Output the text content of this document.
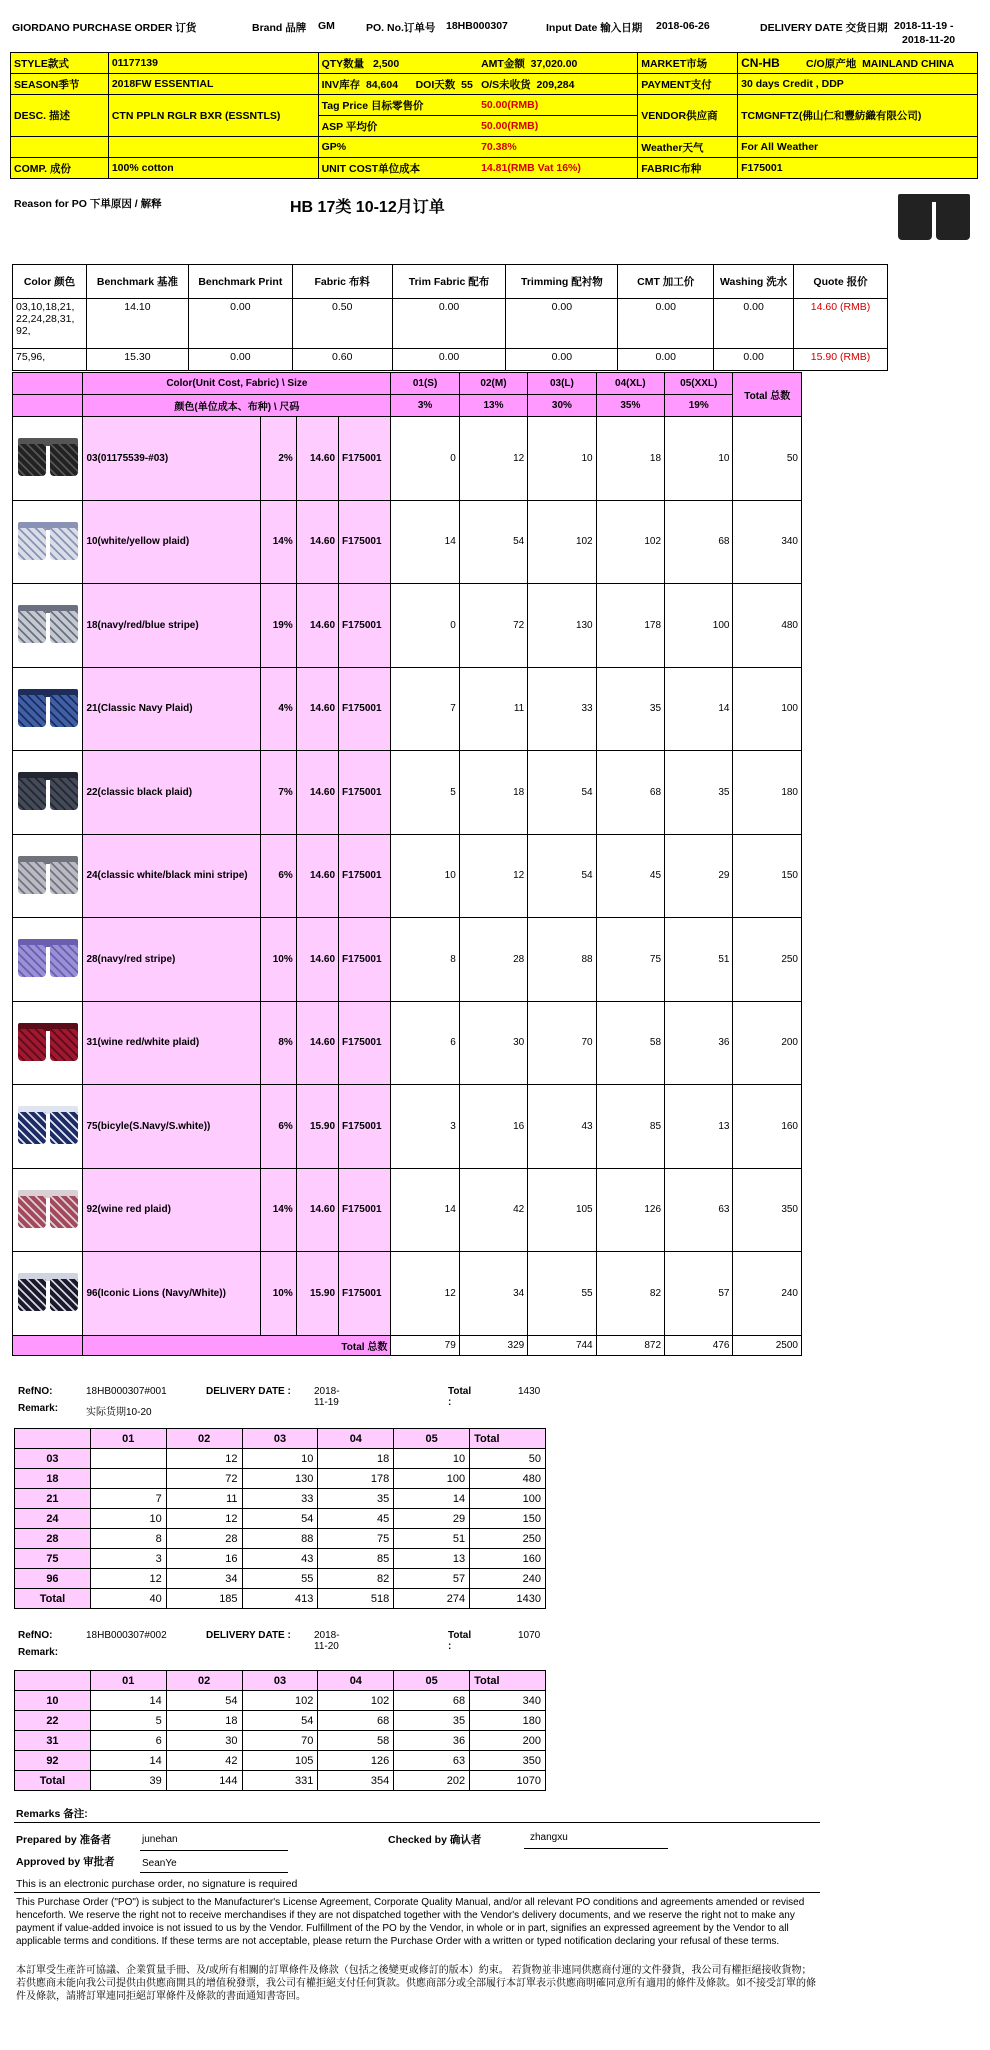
GIORDANO PURCHASE ORDER 订货	Brand 品牌 GM	PO. No.订单号 18HB000307	Input Date 输入日期 2018-06-26	DELIVERY DATE 交货日期 2018-11-19 -
2018-11-20
STYLE款式	01177139	QTY数量 2,500	AMT金额 37,020.00	MARKET市场	CN-HB C/O原产地 MAINLAND CHINA
SEASON季节	2018FW ESSENTIAL	INV库存 84,604 DOI天数 55	O/S未收货 209,284	PAYMENT支付	30 days Credit , DDP
DESC. 描述	CTN PPLN RGLR BXR (ESSNTLS)	Tag Price 目标零售价	50.00(RMB)	VENDOR供应商	TCMGNFTZ(佛山仁和豐紡織有限公司)
		ASP 平均价	50.00(RMB)		
		GP%	70.38%	Weather天气	For All Weather
COMP. 成份	100% cotton	UNIT COST单位成本	14.81(RMB Vat 16%)	FABRIC布种	F175001
Reason for PO 下単原因 / 解释	HB 17类 10-12月订单
Color 颜色	Benchmark 基准	Benchmark Print	Fabric 布料	Trim Fabric 配布	Trimming 配衬物	CMT 加工价	Washing 洗水	Quote 报价
03,10,18,21, 22,24,28,31, 92,	14.10	0.00	0.50	0.00	0.00	0.00	0.00	14.60 (RMB)
75,96,	15.30	0.00	0.60	0.00	0.00	0.00	0.00	15.90 (RMB)
	Color(Unit Cost, Fabric) \ Size				01(S)	02(M)	03(L)	04(XL)	05(XXL)	Total 总数
	颜色(单位成本、布种) \ 尺码				3%	13%	30%	35%	19%	

	03(01175539-#03)	2%	14.60	F175001	0	12	10	18	10	50

	10(white/yellow plaid)	14%	14.60	F175001	14	54	102	102	68	340

	18(navy/red/blue stripe)	19%	14.60	F175001	0	72	130	178	100	480

	21(Classic Navy Plaid)	4%	14.60	F175001	7	11	33	35	14	100

	22(classic black plaid)	7%	14.60	F175001	5	18	54	68	35	180

	24(classic white/black mini stripe)	6%	14.60	F175001	10	12	54	45	29	150

	28(navy/red stripe)	10%	14.60	F175001	8	28	88	75	51	250

	31(wine red/white plaid)	8%	14.60	F175001	6	30	70	58	36	200

	75(bicyle(S.Navy/S.white))	6%	15.90	F175001	3	16	43	85	13	160

	92(wine red plaid)	14%	14.60	F175001	14	42	105	126	63	350

	96(Iconic Lions (Navy/White))	10%	15.90	F175001	12	34	55	82	57	240
	Total 总数				79	329	744	872	476	2500
RefNO:	18HB000307#001	DELIVERY DATE : 2018-11-19
Total :
1430
Remark:	实际货期10-20
	01	02	03	04	05	Total
03		12	10	18	10	50
18		72	130	178	100	480
21	7	11	33	35	14	100
24	10	12	54	45	29	150
28	8	28	88	75	51	250
75	3	16	43	85	13	160
96	12	34	55	82	57	240
Total	40	185	413	518	274	1430
RefNO:	18HB000307#002	DELIVERY DATE : 2018-11-20
Total :
1070
Remark:
	01	02	03	04	05	Total
10	14	54	102	102	68	340
22	5	18	54	68	35	180
31	6	30	70	58	36	200
92	14	42	105	126	63	350
Total	39	144	331	354	202	1070
Remarks 备注:
Prepared by 准备者	junehan	Checked by 确认者	zhangxu
Approved by 审批者	SeanYe
This is an electronic purchase order, no signature is required
This Purchase Order ("PO") is subject to the Manufacturer's License Agreement, Corporate Quality Manual, and/or all relevant PO conditions and agreements amended or revised henceforth. We reserve the right not to receive merchandises if they are not dispatched together with the Vendor's delivery documents, and we reserve the right not to make any payment if value-added invoice is not issued to us by the Vendor. Fulfillment of the PO by the Vendor, in whole or in part, signifies an expressed agreement by the Vendor to all applicable terms and conditions. If these terms are not acceptable, please return the Purchase Order with a written or typed notification declaring your refusal of these terms.
本訂單受生產許可協議、企業質量手冊、及/或所有相關的訂單條件及條款（包括之後變更或修訂的版本）約束。 若貨物並非連同供應商付運的文件發貨，我公司有權拒絕接收貨物；若供應商未能向我公司提供由供應商開具的增值稅發票，我公司有權拒絕支付任何貨款。供應商部分或全部履行本訂單表示供應商明確同意所有適用的條件及條款。如不接受訂單的條件及條款，請將訂單連同拒絕訂單條件及條款的書面通知書寄回。
